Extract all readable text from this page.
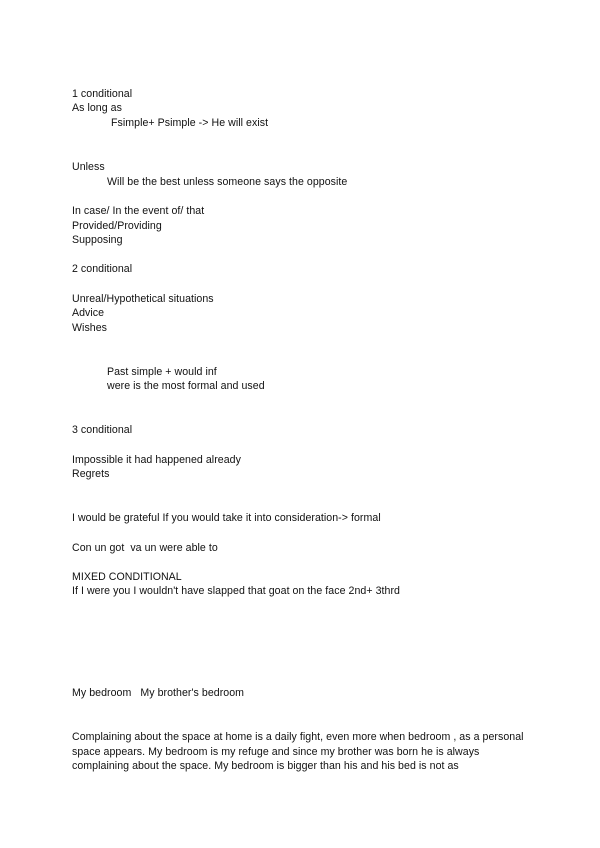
1 conditional
As long as
Fsimple+ Psimple -> He will exist
Unless
Will be the best unless someone says the opposite
In case/ In the event of/ that
Provided/Providing
Supposing
2 conditional
Unreal/Hypothetical situations
Advice
Wishes
Past simple + would inf
were is the most formal and used
3 conditional
Impossible it had happened already
Regrets
I would be grateful If you would take it into consideration-> formal
Con un got  va un were able to
MIXED CONDITIONAL
If I were you I wouldn't have slapped that goat on the face 2nd+ 3thrd
My bedroom   My brother's bedroom
Complaining about the space at home is a daily fight, even more when bedroom , as a personal space appears. My bedroom is my refuge and since my brother was born he is always complaining about the space. My bedroom is bigger than his and his bed is not as
